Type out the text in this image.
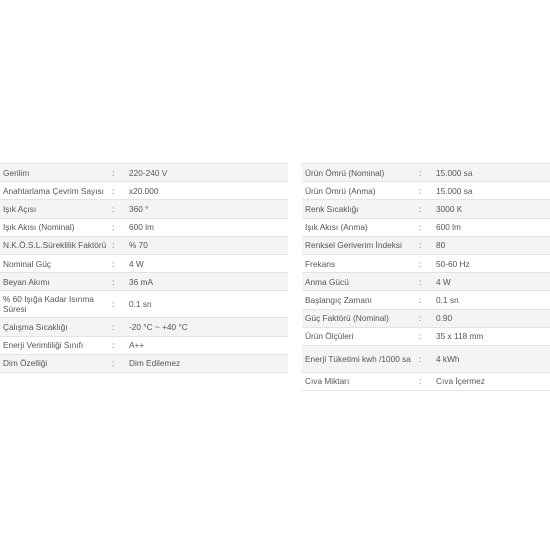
Gerilim	:	220-240 V
Anahtarlama Çevrim Sayısı	:	x20.000
Işık Açısı	:	360 °
Işık Akısı (Nominal)	:	600 lm
N.K.Ö.S.L.Süreklilik Faktörü	:	% 70
Nominal Güç	:	4 W
Beyan Akımı	:	36 mA
% 60 Işığa Kadar Isınma Süresi	:	0.1 sn
Çalışma Sıcaklığı	:	-20 °C ~ +40 °C
Enerji Verimliliği Sınıfı	:	A++
Dim Özelliği	:	Dim Edilemez
Ürün Ömrü (Nominal)	:	15.000 sa
Ürün Ömrü (Anma)	:	15.000 sa
Renk Sıcaklığı	:	3000 K
Işık Akısı (Anma)	:	600 lm
Renksel Geriverim İndeksi	:	80
Frekans	:	50-60 Hz
Anma Gücü	:	4 W
Başlangıç Zamanı	:	0.1 sn
Güç Faktörü (Nominal)	:	0.90
Ürün Ölçüleri	:	35 x 118 mm
Enerji Tüketimi kwh /1000 sa	:	4 kWh
Cıva Miktarı	:	Cıva İçermez
